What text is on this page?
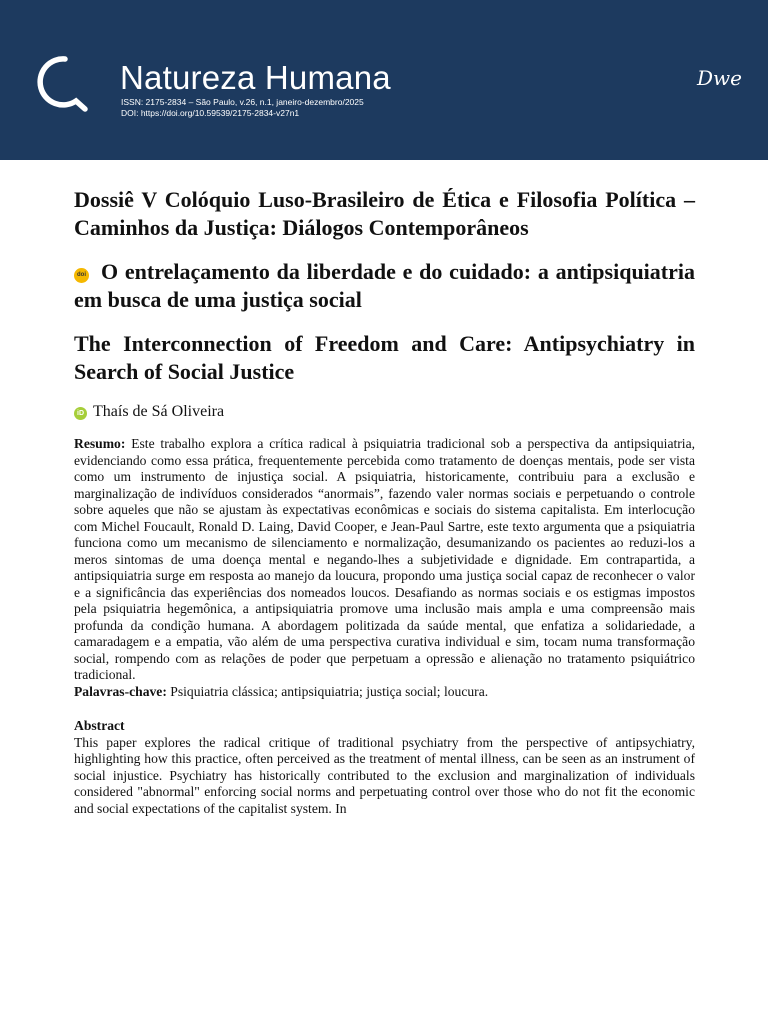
Natureza Humana
ISSN: 2175-2834 – São Paulo, v.26, n.1, janeiro-dezembro/2025
DOI: https://doi.org/10.59539/2175-2834-v27n1
Dwe

Dossiê V Colóquio Luso-Brasileiro de Ética e Filosofia Política – Caminhos da Justiça: Diálogos Contemporâneos

doi O entrelaçamento da liberdade e do cuidado: a antipsiquiatria em busca de uma justiça social

The Interconnection of Freedom and Care: Antipsychiatry in Search of Social Justice

iD Thaís de Sá Oliveira

Resumo: Este trabalho explora a crítica radical à psiquiatria tradicional sob a perspectiva da antipsiquiatria, evidenciando como essa prática, frequentemente percebida como tratamento de doenças mentais, pode ser vista como um instrumento de injustiça social. A psiquiatria, historicamente, contribuiu para a exclusão e marginalização de indivíduos considerados “anormais”, fazendo valer normas sociais e perpetuando o controle sobre aqueles que não se ajustam às expectativas econômicas e sociais do sistema capitalista. Em interlocução com Michel Foucault, Ronald D. Laing, David Cooper, e Jean-Paul Sartre, este texto argumenta que a psiquiatria funciona como um mecanismo de silenciamento e normalização, desumanizando os pacientes ao reduzi-los a meros sintomas de uma doença mental e negando-lhes a subjetividade e dignidade. Em contrapartida, a antipsiquiatria surge em resposta ao manejo da loucura, propondo uma justiça social capaz de reconhecer o valor e a significância das experiências dos nomeados loucos. Desafiando as normas sociais e os estigmas impostos pela psiquiatria hegemônica, a antipsiquiatria promove uma inclusão mais ampla e uma compreensão mais profunda da condição humana. A abordagem politizada da saúde mental, que enfatiza a solidariedade, a camaradagem e a empatia, vão além de uma perspectiva curativa individual e sim, tocam numa transformação social, rompendo com as relações de poder que perpetuam a opressão e alienação no tratamento psiquiátrico tradicional.

Palavras-chave: Psiquiatria clássica; antipsiquiatria; justiça social; loucura.

Abstract

This paper explores the radical critique of traditional psychiatry from the perspective of antipsychiatry, highlighting how this practice, often perceived as the treatment of mental illness, can be seen as an instrument of social injustice. Psychiatry has historically contributed to the exclusion and marginalization of individuals considered "abnormal" enforcing social norms and perpetuating control over those who do not fit the economic and social expectations of the capitalist system. In
